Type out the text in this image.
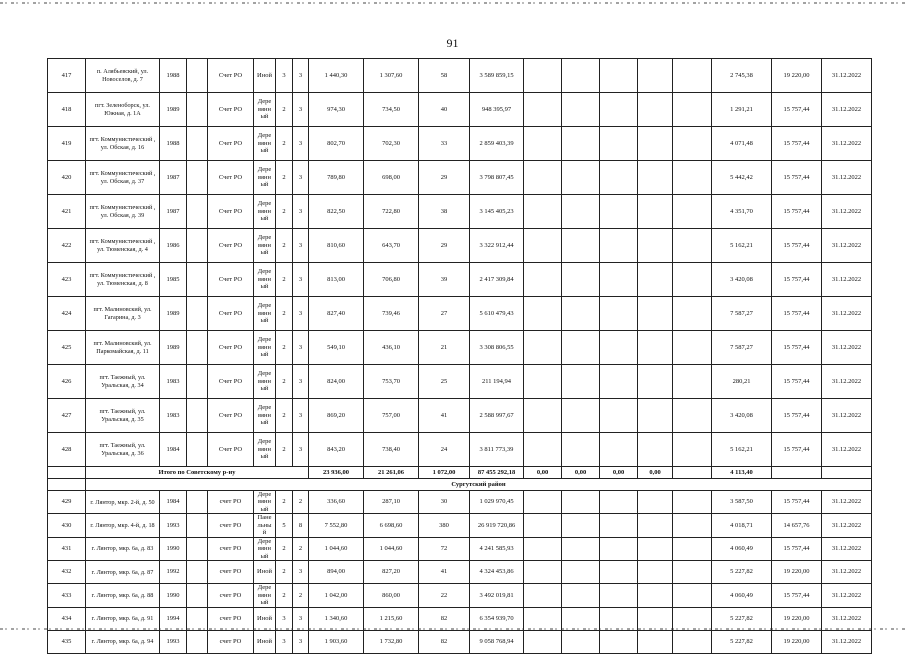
91
417	п. Алябьевский, ул. Новоселов, д. 7	1988		Счет РО	Иной	3	3	1 440,30	1 307,60	58	3 589 859,15						2 745,38	19 220,00	31.12.2022
418	пгт. Зеленоборск, ул. Южная, д. 1А	1989		Счет РО	Дере вянн ый	2	3	974,30	734,50	40	948 395,97						1 291,21	15 757,44	31.12.2022
419	пгт. Коммунистический , ул. Обская, д. 16	1988		Счет РО	Дере вянн ый	2	3	802,70	702,30	33	2 859 403,39						4 071,48	15 757,44	31.12.2022
420	пгт. Коммунистический , ул. Обская, д. 37	1987		Счет РО	Дере вянн ый	2	3	789,80	698,00	29	3 798 807,45						5 442,42	15 757,44	31.12.2022
421	пгт. Коммунистический , ул. Обская, д. 39	1987		Счет РО	Дере вянн ый	2	3	822,50	722,80	38	3 145 405,23						4 351,70	15 757,44	31.12.2022
422	пгт. Коммунистический , ул. Тюменская, д. 4	1986		Счет РО	Дере вянн ый	2	3	810,60	643,70	29	3 322 912,44						5 162,21	15 757,44	31.12.2022
423	пгт. Коммунистический , ул. Тюменская, д. 8	1985		Счет РО	Дере вянн ый	2	3	813,00	706,80	39	2 417 309,84						3 420,08	15 757,44	31.12.2022
424	пгт. Малиновский, ул. Гагарина, д. 3	1989		Счет РО	Дере вянн ый	2	3	827,40	739,46	27	5 610 479,43						7 587,27	15 757,44	31.12.2022
425	пгт. Малиновский, ул. Паркомайская, д. 11	1989		Счет РО	Дере вянн ый	2	3	549,10	436,10	21	3 308 806,55						7 587,27	15 757,44	31.12.2022
426	пгт. Таежный, ул. Уральская, д. 34	1983		Счет РО	Дере вянн ый	2	3	824,00	753,70	25	211 194,94						280,21	15 757,44	31.12.2022
427	пгт. Таежный, ул. Уральская, д. 35	1983		Счет РО	Дере вянн ый	2	3	869,20	757,00	41	2 588 997,67						3 420,08	15 757,44	31.12.2022
428	пгт. Таежный, ул. Уральская, д. 36	1984		Счет РО	Дере вянн ый	2	3	843,20	738,40	24	3 811 773,39						5 162,21	15 757,44	31.12.2022
	Итого по Советскому р-ну							23 936,00	21 261,06	1 072,00	87 455 292,18	0,00	0,00	0,00	0,00		4 113,40		
	Сургутский район																		
429	г. Лянтор, мкр. 2-й, д. 50	1984		счет РО	Дере вянн ый	2	2	336,60	287,10	30	1 029 970,45						3 587,50	15 757,44	31.12.2022
430	г. Лянтор, мкр. 4-й, д. 18	1993		счет РО	Пане льны й	5	8	7 552,80	6 698,60	380	26 919 720,86						4 018,71	14 657,76	31.12.2022
431	г. Лянтор, мкр. 6а, д. 83	1990		счет РО	Дере вянн ый	2	2	1 044,60	1 044,60	72	4 241 585,93						4 060,49	15 757,44	31.12.2022
432	г. Лянтор, мкр. 6а, д. 87	1992		счет РО	Иной	2	3	894,00	827,20	41	4 324 453,86						5 227,82	19 220,00	31.12.2022
433	г. Лянтор, мкр. 6а, д. 88	1990		счет РО	Дере вянн ый	2	2	1 042,00	860,00	22	3 492 019,81						4 060,49	15 757,44	31.12.2022
434	г. Лянтор, мкр. 6а, д. 91	1994		счет РО	Иной	3	3	1 340,60	1 215,60	82	6 354 939,70						5 227,82	19 220,00	31.12.2022
435	г. Лянтор, мкр. 6а, д. 94	1993		счет РО	Иной	3	3	1 903,60	1 732,80	82	9 058 768,94						5 227,82	19 220,00	31.12.2022
